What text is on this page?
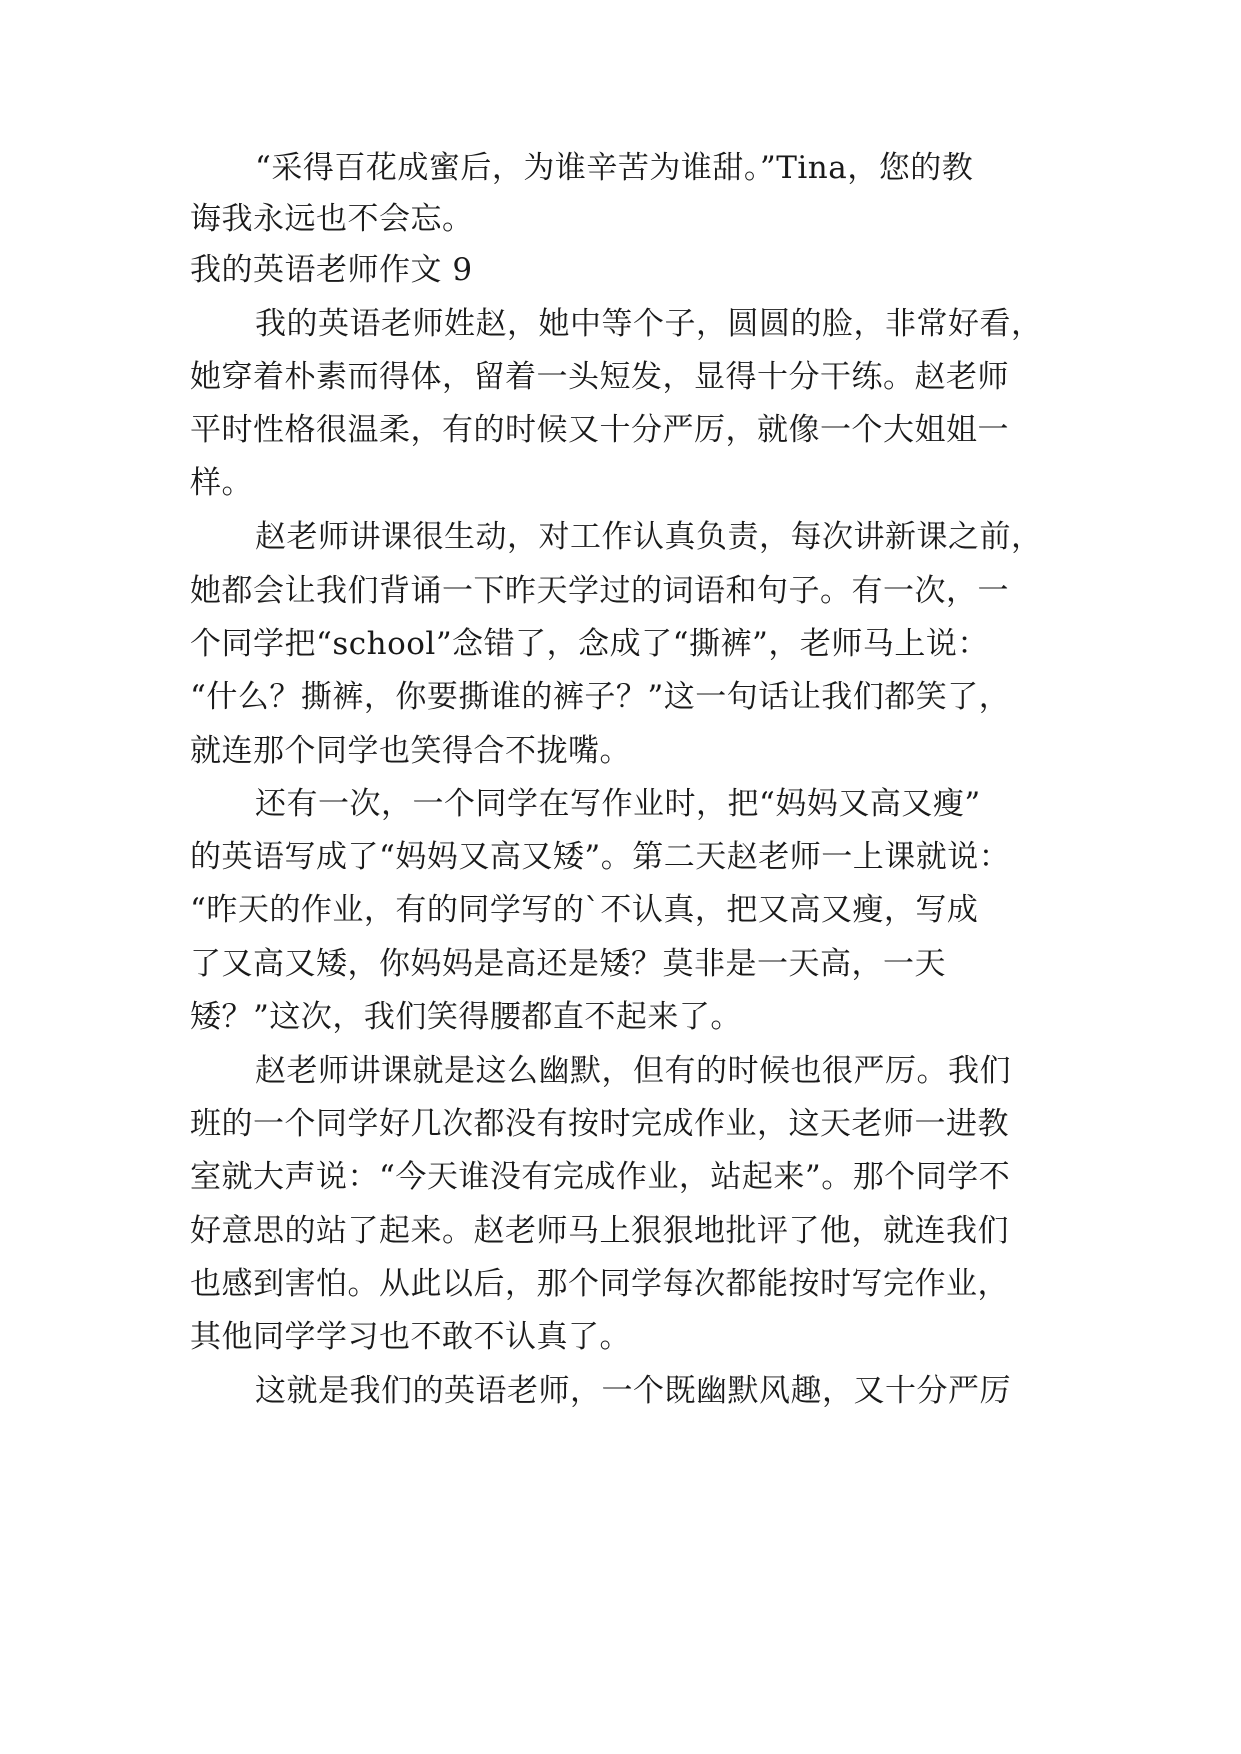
“采得百花成蜜后，为谁辛苦为谁甜。”Tina，您的教
诲我永远也不会忘。
我的英语老师作文 9
我的英语老师姓赵，她中等个子，圆圆的脸，非常好看，
她穿着朴素而得体，留着一头短发，显得十分干练。赵老师
平时性格很温柔，有的时候又十分严厉，就像一个大姐姐一
样。
赵老师讲课很生动，对工作认真负责，每次讲新课之前，
她都会让我们背诵一下昨天学过的词语和句子。有一次，一
个同学把“school”念错了，念成了“撕裤”，老师马上说：
“什么？撕裤，你要撕谁的裤子？”这一句话让我们都笑了，
就连那个同学也笑得合不拢嘴。
还有一次，一个同学在写作业时，把“妈妈又高又瘦”
的英语写成了“妈妈又高又矮”。第二天赵老师一上课就说：
“昨天的作业，有的同学写的`不认真，把又高又瘦，写成
了又高又矮，你妈妈是高还是矮？莫非是一天高，一天
矮？”这次，我们笑得腰都直不起来了。
赵老师讲课就是这么幽默，但有的时候也很严厉。我们
班的一个同学好几次都没有按时完成作业，这天老师一进教
室就大声说：“今天谁没有完成作业，站起来”。那个同学不
好意思的站了起来。赵老师马上狠狠地批评了他，就连我们
也感到害怕。从此以后，那个同学每次都能按时写完作业，
其他同学学习也不敢不认真了。
这就是我们的英语老师，一个既幽默风趣，又十分严厉
